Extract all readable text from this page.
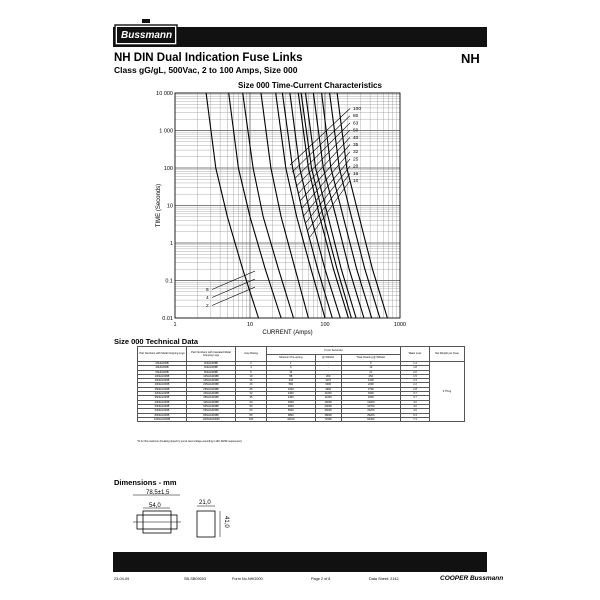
Bussmann
NH DIN Dual Indication Fuse Links
Class gG/gL, 500Vac, 2 to 100 Amps, Size 000
NH
Size 000 Time-Current Characteristics
0.01
0.1
1
10
100
1 000
10 000
1	10	100	1000
CURRENT (Amps)
TIME (Seconds)
100
80
63
50
40
35
32
25
20
16
10
6
4
2
Size 000 Technical Data
Part Numbers with Metal Gripping Lugs	Part Numbers with Insulated Metal Gripping Lugs	Amp Rating	I²t (A² Seconds)			Watts Loss	Net Weight per Fuse
			Minimum Pre-arcing	@ 500Vac	Total Clearing @ 500Vac		
2NHG000B	2NHG000BI	2	1	-	6	1.4	0.75 kg
4NHG000B	4NHG000BI	4	6	-	12	1.8	
6NHG000B	6NHG000BI	6	14	-	21	2.0	
10NHG000B	10NHG000BI	10	58	200	252	1.5	
16NHG000B	16NHG000BI	16	234	1170	1300	2.3	
20NHG000B	20NHG000BI	20	584	3000	2400	2.2	
25NHG000B	25NHG000BI	25	1000	4600	3700	2.8	
32NHG000B	32NHG000BI	32	2400	11000	9400	3.7	
35NHG000B	35NHG000BI	35	2400	11000	9400	3.7	
40NHG000B	40NHG000BI	40	3300	16000	13200	4.0	
50NHG000B	50NHG000BI	50	3600	23000	16700	4.0	
63NHG000B	63NHG000BI	63	6500	26000	15200	4.6	
80NHG000B	80NHG000BI	80	9800	38000	29200	6.3	
100NHG000B	100NHG000BI	100	16100	72300	64300	7.4	
*I²t for this maximum (breaking ripped by test at rated voltage according to IEC 60269 requirement).
Dimensions - mm
78,5±1,5
54,0	21,0
41,0
23-04-09	SB-SB09003	Form No.NHG000	Page 2 of 8	Data Sheet: 2142	COOPER Bussmann
